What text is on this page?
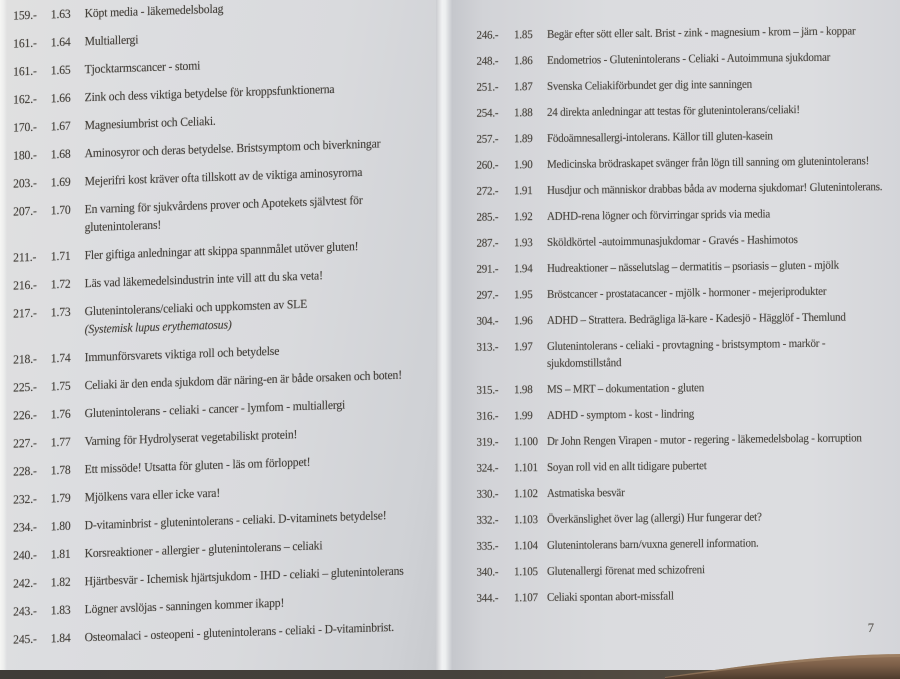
159.-	1.63	Köpt media - läkemedelsbolag
161.-	1.64	Multiallergi
161.-	1.65	Tjocktarmscancer - stomi
162.-	1.66	Zink och dess viktiga betydelse för kroppsfunktionerna
170.-	1.67	Magnesiumbrist och Celiaki.
180.-	1.68	Aminosyror och deras betydelse. Bristsymptom och biverkningar
203.-	1.69	Mejerifri kost kräver ofta tillskott av de viktiga aminosyrorna
207.-	1.70	En varning för sjukvårdens prover och Apotekets självtest för
glutenintolerans!
211.-	1.71	Fler giftiga anledningar att skippa spannmålet utöver gluten!
216.-	1.72	Läs vad läkemedelsindustrin inte vill att du ska veta!
217.-	1.73	Glutenintolerans/celiaki och uppkomsten av SLE
(Systemisk lupus erythematosus)
218.-	1.74	Immunförsvarets viktiga roll och betydelse
225.-	1.75	Celiaki är den enda sjukdom där näring-en är både orsaken och boten!
226.-	1.76	Glutenintolerans - celiaki - cancer - lymfom - multiallergi
227.-	1.77	Varning för Hydrolyserat vegetabiliskt protein!
228.-	1.78	Ett missöde! Utsatta för gluten - läs om förloppet!
232.-	1.79	Mjölkens vara eller icke vara!
234.-	1.80	D-vitaminbrist - glutenintolerans - celiaki. D-vitaminets betydelse!
240.-	1.81	Korsreaktioner - allergier - glutenintolerans – celiaki
242.-	1.82	Hjärtbesvär - Ichemisk hjärtsjukdom - IHD - celiaki – glutenintolerans
243.-	1.83	Lögner avslöjas - sanningen kommer ikapp!
245.-	1.84	Osteomalaci - osteopeni - glutenintolerans - celiaki - D-vitaminbrist.
246.-	1.85	Begär efter sött eller salt. Brist - zink - magnesium - krom – järn - koppar
248.-	1.86	Endometrios - Glutenintolerans - Celiaki - Autoimmuna sjukdomar
251.-	1.87	Svenska Celiakiförbundet ger dig inte sanningen
254.-	1.88	24 direkta anledningar att testas för glutenintolerans/celiaki!
257.-	1.89	Födoämnesallergi-intolerans. Källor till gluten-kasein
260.-	1.90	Medicinska brödraskapet svänger från lögn till sanning om glutenintolerans!
272.-	1.91	Husdjur och människor drabbas båda av moderna sjukdomar! Glutenintolerans.
285.-	1.92	ADHD-rena lögner och förvirringar sprids via media
287.-	1.93	Sköldkörtel -autoimmunasjukdomar - Gravés - Hashimotos
291.-	1.94	Hudreaktioner – nässelutslag – dermatitis – psoriasis – gluten - mjölk
297.-	1.95	Bröstcancer - prostatacancer - mjölk - hormoner - mejeriprodukter
304.-	1.96	ADHD – Strattera. Bedrägliga lä-kare - Kadesjö - Hägglöf - Themlund
313.-	1.97	Glutenintolerans - celiaki - provtagning - bristsymptom - markör -
sjukdomstillstånd
315.-	1.98	MS – MRT – dokumentation - gluten
316.-	1.99	ADHD - symptom - kost - lindring
319.-	1.100 Dr John Rengen Virapen - mutor - regering - läkemedelsbolag - korruption
324.-	1.101 Soyan roll vid en allt tidigare pubertet
330.-	1.102 Astmatiska besvär
332.-	1.103 Överkänslighet över lag (allergi) Hur fungerar det?
335.-	1.104 Glutenintolerans barn/vuxna generell information.
340.-	1.105 Glutenallergi förenat med schizofreni
344.-	1.107 Celiaki spontan abort-missfall
7
